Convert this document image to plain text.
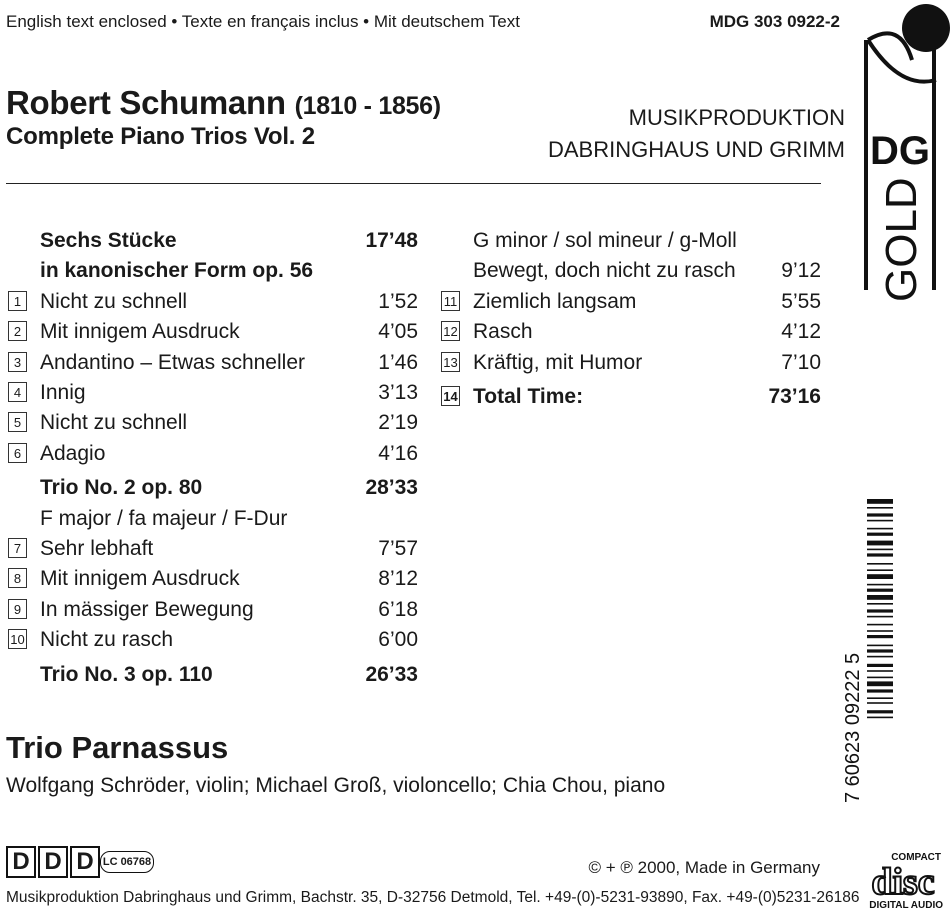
English text enclosed • Texte en français inclus • Mit deutschem Text	MDG 303 0922-2
Robert Schumann (1810 - 1856)
Complete Piano Trios Vol. 2
MUSIKPRODUKTION
DABRINGHAUS UND GRIMM
Sechs Stücke	17’48
in kanonischer Form op. 56
1 Nicht zu schnell	1’52
2 Mit innigem Ausdruck	4’05
3 Andantino – Etwas schneller	1’46
4 Innig	3’13
5 Nicht zu schnell	2’19
6 Adagio	4’16
Trio No. 2 op. 80	28’33
F major / fa majeur / F-Dur
7 Sehr lebhaft	7’57
8 Mit innigem Ausdruck	8’12
9 In mässiger Bewegung	6’18
10 Nicht zu rasch	6’00
Trio No. 3 op. 110	26’33
G minor / sol mineur / g-Moll
Bewegt, doch nicht zu rasch 9’12
11 Ziemlich langsam	5’55
12 Rasch	4’12
13 Kräftig, mit Humor	7’10
14 Total Time:	73’16
Trio Parnassus
Wolfgang Schröder, violin; Michael Groß, violoncello; Chia Chou, piano
D D D LC 06768	© + ℗ 2000, Made in Germany
Musikproduktion Dabringhaus und Grimm, Bachstr. 35, D-32756 Detmold, Tel. +49-(0)-5231-93890, Fax. +49-(0)5231-26186
DG
GOLD
7 60623 09222 5
COMPACT
disc
DIGITAL AUDIO
